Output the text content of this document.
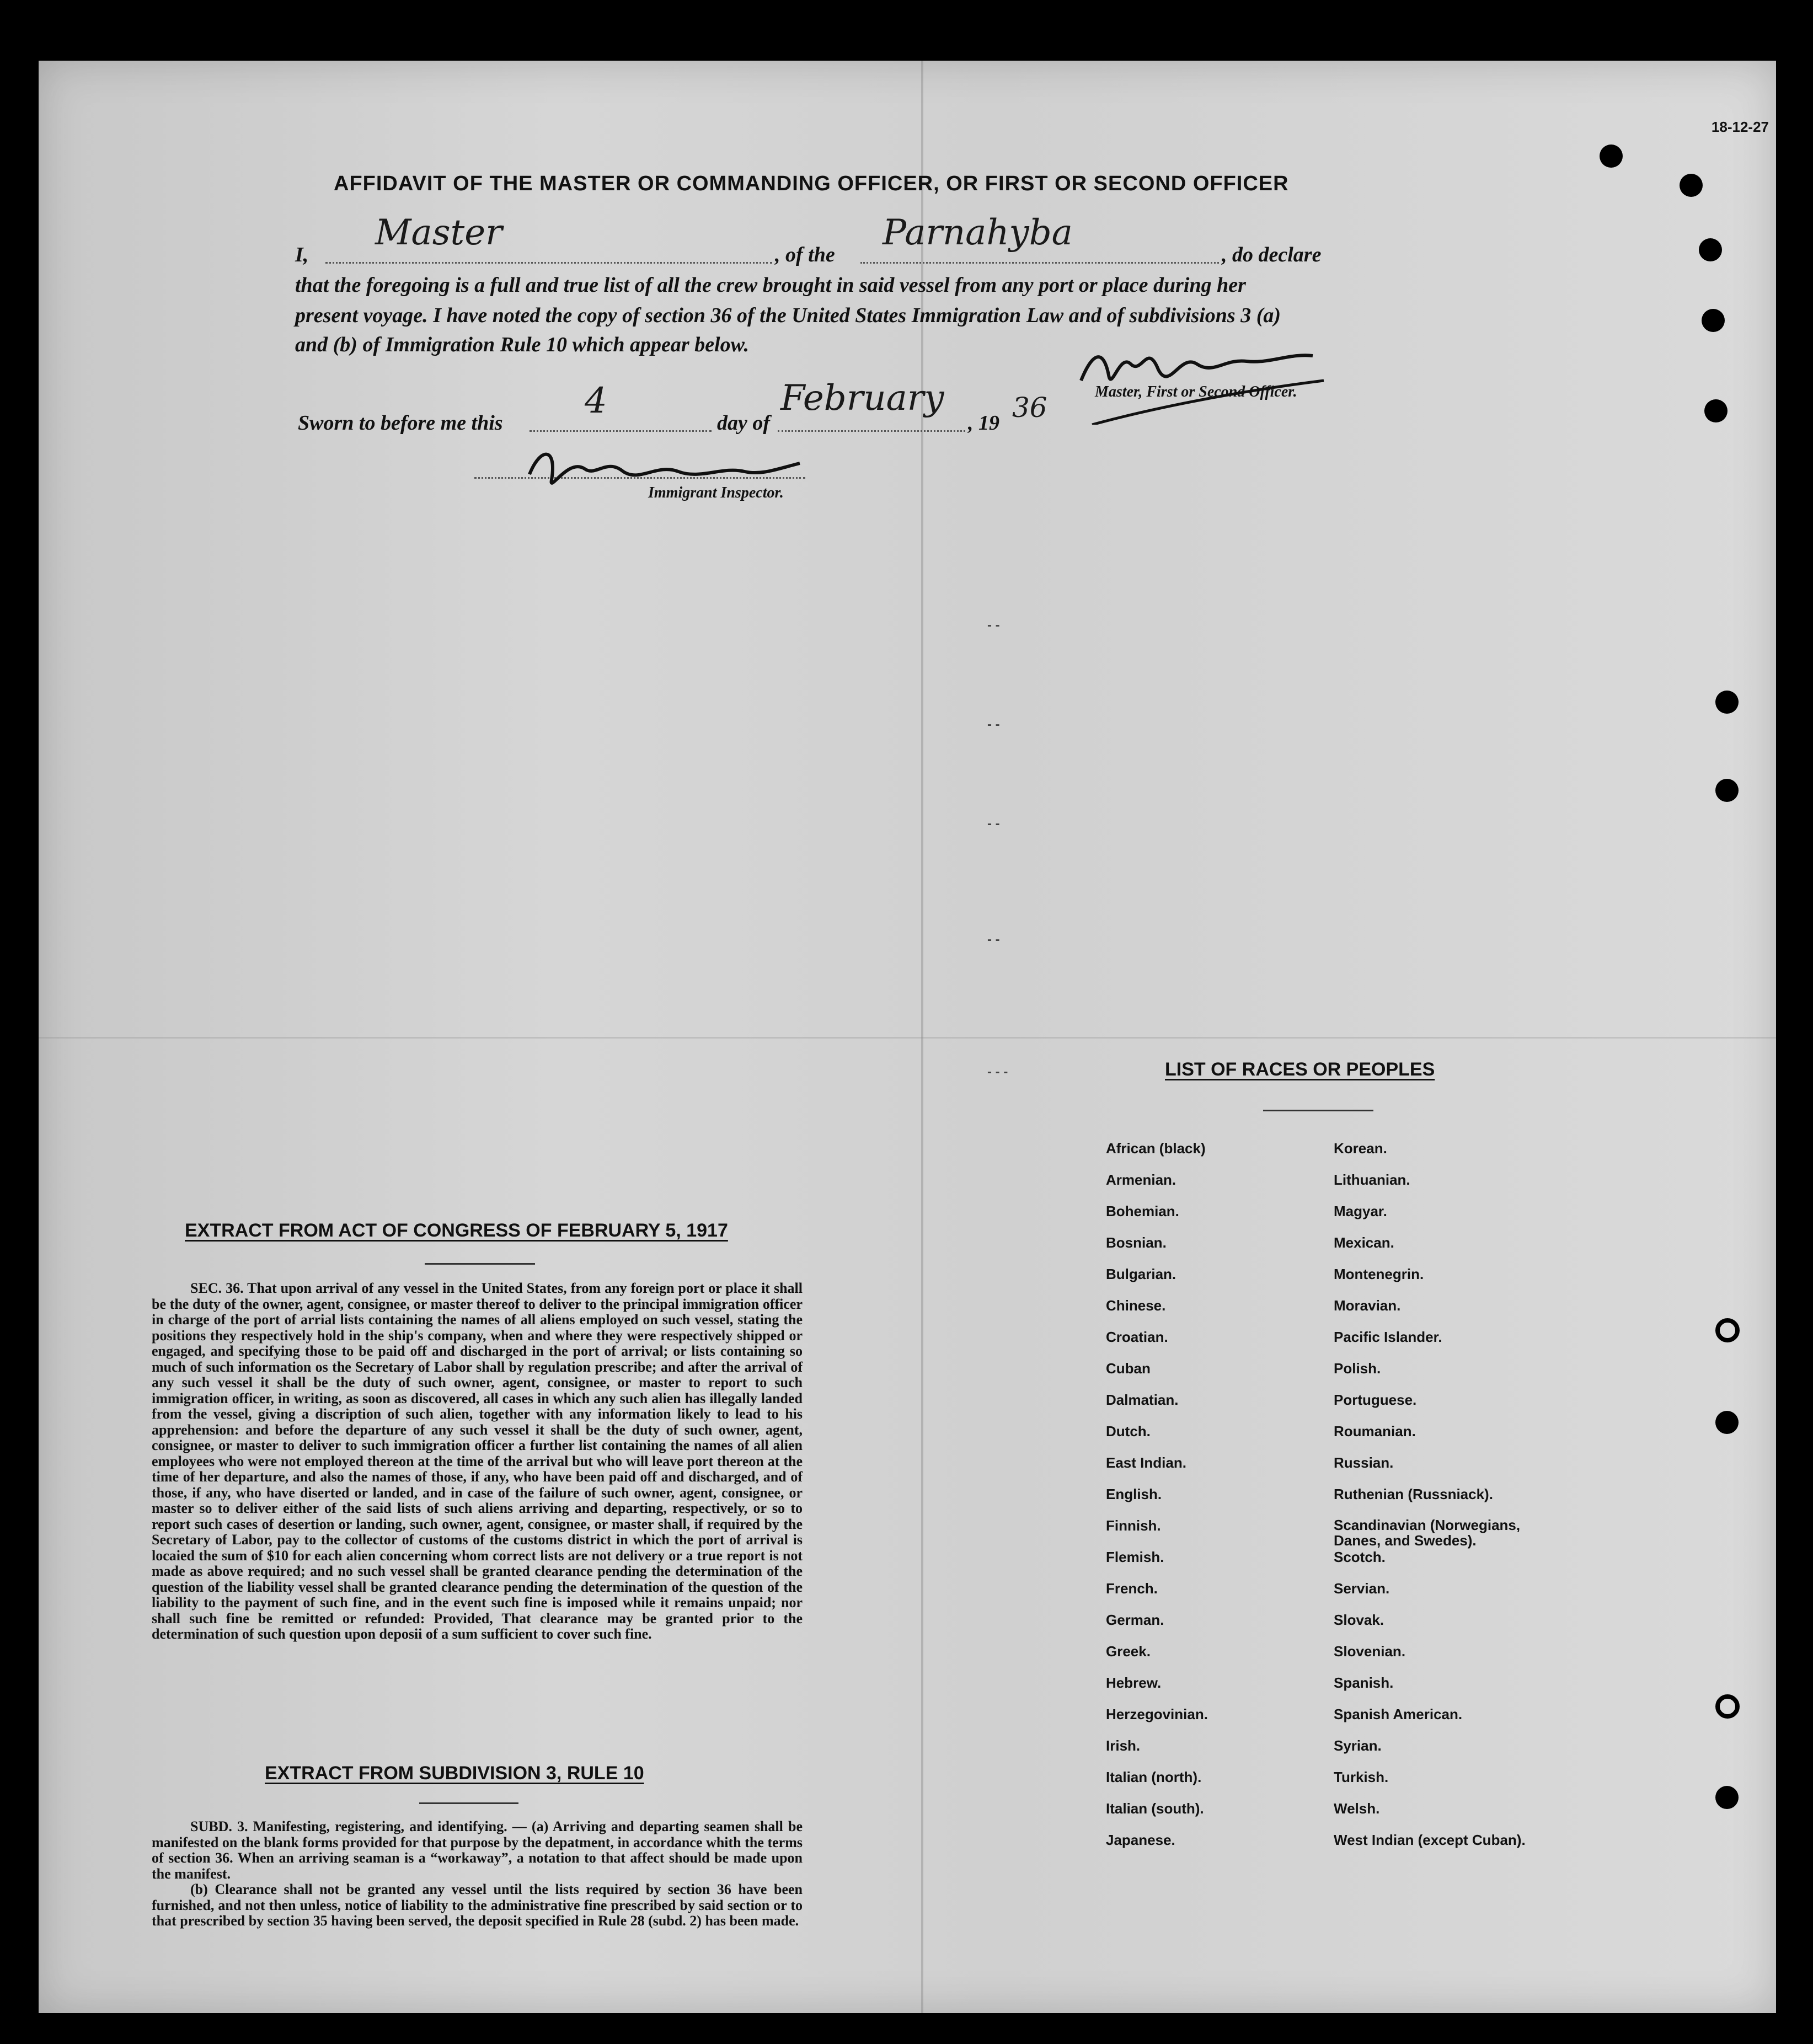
18-12-27
AFFIDAVIT OF THE MASTER OR COMMANDING OFFICER, OR FIRST OR SECOND OFFICER
I,
Master
, of the
Parnahyba
, do declare
that the foregoing is a full and true list of all the crew brought in said vessel from any port or place during her
present voyage. I have noted the copy of section 36 of the United States Immigration Law and of subdivisions 3 (a)
and (b) of Immigration Rule 10 which appear below.
Sworn to before me this
4
day of
February
, 19 36	Master, First or Second Officer.
Immigrant Inspector.
- -
- -
- -
- -
- - -
EXTRACT FROM ACT OF CONGRESS OF FEBRUARY 5, 1917
SEC. 36. That upon arrival of any vessel in the United States, from any foreign port or place it shall be the duty of the owner, agent, consignee, or master thereof to deliver to the principal immigration officer in charge of the port of arrial lists containing the names of all aliens employed on such vessel, stating the positions they respectively hold in the ship's company, when and where they were respectively shipped or engaged, and specifying those to be paid off and discharged in the port of arrival; or lists containing so much of such information os the Secretary of Labor shall by regulation prescribe; and after the arrival of any such vessel it shall be the duty of such owner, agent, consignee, or master to report to such immigration officer, in writing, as soon as discovered, all cases in which any such alien has illegally landed from the vessel, giving a discription of such alien, together with any information likely to lead to his apprehension: and before the departure of any such vessel it shall be the duty of such owner, agent, consignee, or master to deliver to such immigration officer a further list containing the names of all alien employees who were not employed thereon at the time of the arrival but who will leave port thereon at the time of her departure, and also the names of those, if any, who have been paid off and discharged, and of those, if any, who have diserted or landed, and in case of the failure of such owner, agent, consignee, or master so to deliver either of the said lists of such aliens arriving and departing, respectively, or so to report such cases of desertion or landing, such owner, agent, consignee, or master shall, if required by the Secretary of Labor, pay to the collector of customs of the customs district in which the port of arrival is locaied the sum of $10 for each alien concerning whom correct lists are not delivery or a true report is not made as above required; and no such vessel shall be granted clearance pending the determination of the question of the liability vessel shall be granted clearance pending the determination of the question of the liability to the payment of such fine, and in the event such fine is imposed while it remains unpaid; nor shall such fine be remitted or refunded: Provided, That clearance may be granted prior to the determination of such question upon deposii of a sum sufficient to cover such fine.
EXTRACT FROM SUBDIVISION 3, RULE 10
SUBD. 3. Manifesting, registering, and identifying. — (a) Arriving and departing seamen shall be manifested on the blank forms provided for that purpose by the depatment, in accordance whith the terms of section 36. When an arriving seaman is a “workaway”, a notation to that affect should be made upon the manifest.
(b) Clearance shall not be granted any vessel until the lists required by section 36 have been furnished, and not then unless, notice of liability to the administrative fine prescribed by said section or to that prescribed by section 35 having been served, the deposit specified in Rule 28 (subd. 2) has been made.
LIST OF RACES OR PEOPLES
African (black)
Armenian.
Bohemian.
Bosnian.
Bulgarian.
Chinese.
Croatian.
Cuban
Dalmatian.
Dutch.
East Indian.
English.
Finnish.
Flemish.
French.
German.
Greek.
Hebrew.
Herzegovinian.
Irish.
Italian (north).
Italian (south).
Japanese.
Korean.
Lithuanian.
Magyar.
Mexican.
Montenegrin.
Moravian.
Pacific Islander.
Polish.
Portuguese.
Roumanian.
Russian.
Ruthenian (Russniack).
Scandinavian (Norwegians, Danes, and Swedes).
Scotch.
Servian.
Slovak.
Slovenian.
Spanish.
Spanish American.
Syrian.
Turkish.
Welsh.
West Indian (except Cuban).
